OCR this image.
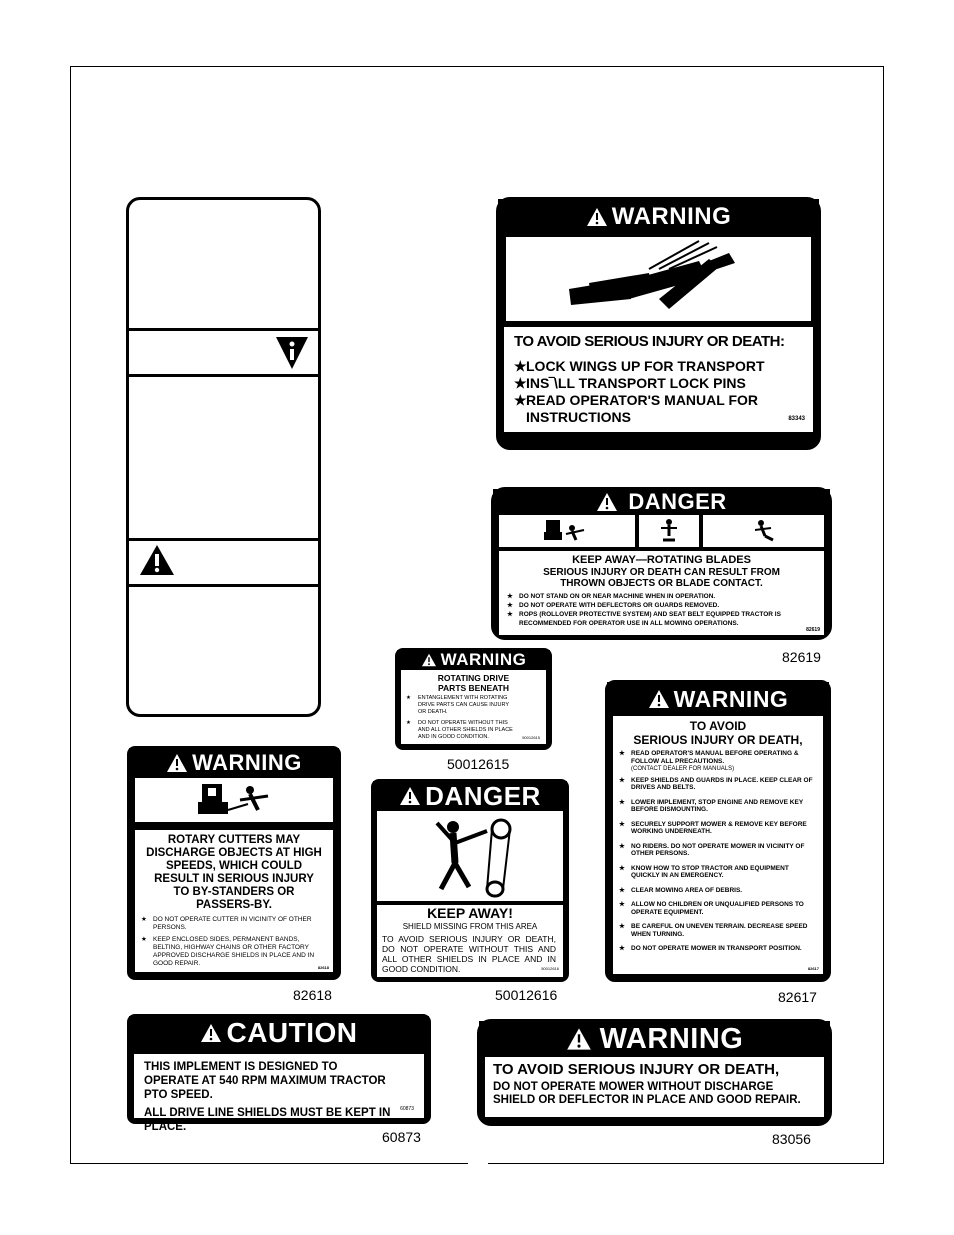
WARNING
TO AVOID SERIOUS INJURY OR DEATH:
★ LOCK WINGS UP FOR TRANSPORT
★ INS‾\LL TRANSPORT LOCK PINS
★ READ OPERATOR'S MANUAL FOR INSTRUCTIONS	83343
DANGER
KEEP AWAY—ROTATING BLADES
SERIOUS INJURY OR DEATH CAN RESULT FROM THROWN OBJECTS OR BLADE CONTACT.
★ DO NOT STAND ON OR NEAR MACHINE WHEN IN OPERATION.
★ DO NOT OPERATE WITH DEFLECTORS OR GUARDS REMOVED.
★ ROPS (ROLLOVER PROTECTIVE SYSTEM) AND SEAT BELT EQUIPPED TRACTOR IS RECOMMENDED FOR OPERATOR USE IN ALL MOWING OPERATIONS.
82619
82619
WARNING
ROTATING DRIVE PARTS BENEATH
★ ENTANGLEMENT WITH ROTATING DRIVE PARTS CAN CAUSE INJURY OR DEATH.
★ DO NOT OPERATE WITHOUT THIS AND ALL OTHER SHIELDS IN PLACE AND IN GOOD CONDITION.	50012615
50012615
WARNING
ROTARY CUTTERS MAY DISCHARGE OBJECTS AT HIGH SPEEDS, WHICH COULD RESULT IN SERIOUS INJURY TO BY-STANDERS OR PASSERS-BY.
★ DO NOT OPERATE CUTTER IN VICINITY OF OTHER PERSONS.
★ KEEP ENCLOSED SIDES, PERMANENT BANDS, BELTING, HIGHWAY CHAINS OR OTHER FACTORY APPROVED DISCHARGE SHIELDS IN PLACE AND IN GOOD REPAIR.
82618
82618
DANGER
KEEP AWAY!
SHIELD MISSING FROM THIS AREA
TO AVOID SERIOUS INJURY OR DEATH, DO NOT OPERATE WITHOUT THIS AND ALL OTHER SHIELDS IN PLACE AND IN GOOD CONDITION.	50012616
50012616
WARNING
TO AVOID
SERIOUS INJURY OR DEATH,
★ READ OPERATOR'S MANUAL BEFORE OPERATING & FOLLOW ALL PRECAUTIONS.
(CONTACT DEALER FOR MANUALS)
★ KEEP SHIELDS AND GUARDS IN PLACE. KEEP CLEAR OF DRIVES AND BELTS.
★ LOWER IMPLEMENT, STOP ENGINE AND REMOVE KEY BEFORE DISMOUNTING.
★ SECURELY SUPPORT MOWER & REMOVE KEY BEFORE WORKING UNDERNEATH.
★ NO RIDERS. DO NOT OPERATE MOWER IN VICINITY OF OTHER PERSONS.
★ KNOW HOW TO STOP TRACTOR AND EQUIPMENT QUICKLY IN AN EMERGENCY.
★ CLEAR MOWING AREA OF DEBRIS.
★ ALLOW NO CHILDREN OR UNQUALIFIED PERSONS TO OPERATE EQUIPMENT.
★ BE CAREFUL ON UNEVEN TERRAIN. DECREASE SPEED WHEN TURNING.
★ DO NOT OPERATE MOWER IN TRANSPORT POSITION.
82617
82617
CAUTION
THIS IMPLEMENT IS DESIGNED TO OPERATE AT 540 RPM MAXIMUM TRACTOR PTO SPEED.
ALL DRIVE LINE SHIELDS MUST BE KEPT IN PLACE.
60873
60873
WARNING
TO AVOID SERIOUS INJURY OR DEATH,
DO NOT OPERATE MOWER WITHOUT DISCHARGE SHIELD OR DEFLECTOR IN PLACE AND GOOD REPAIR.
83056
